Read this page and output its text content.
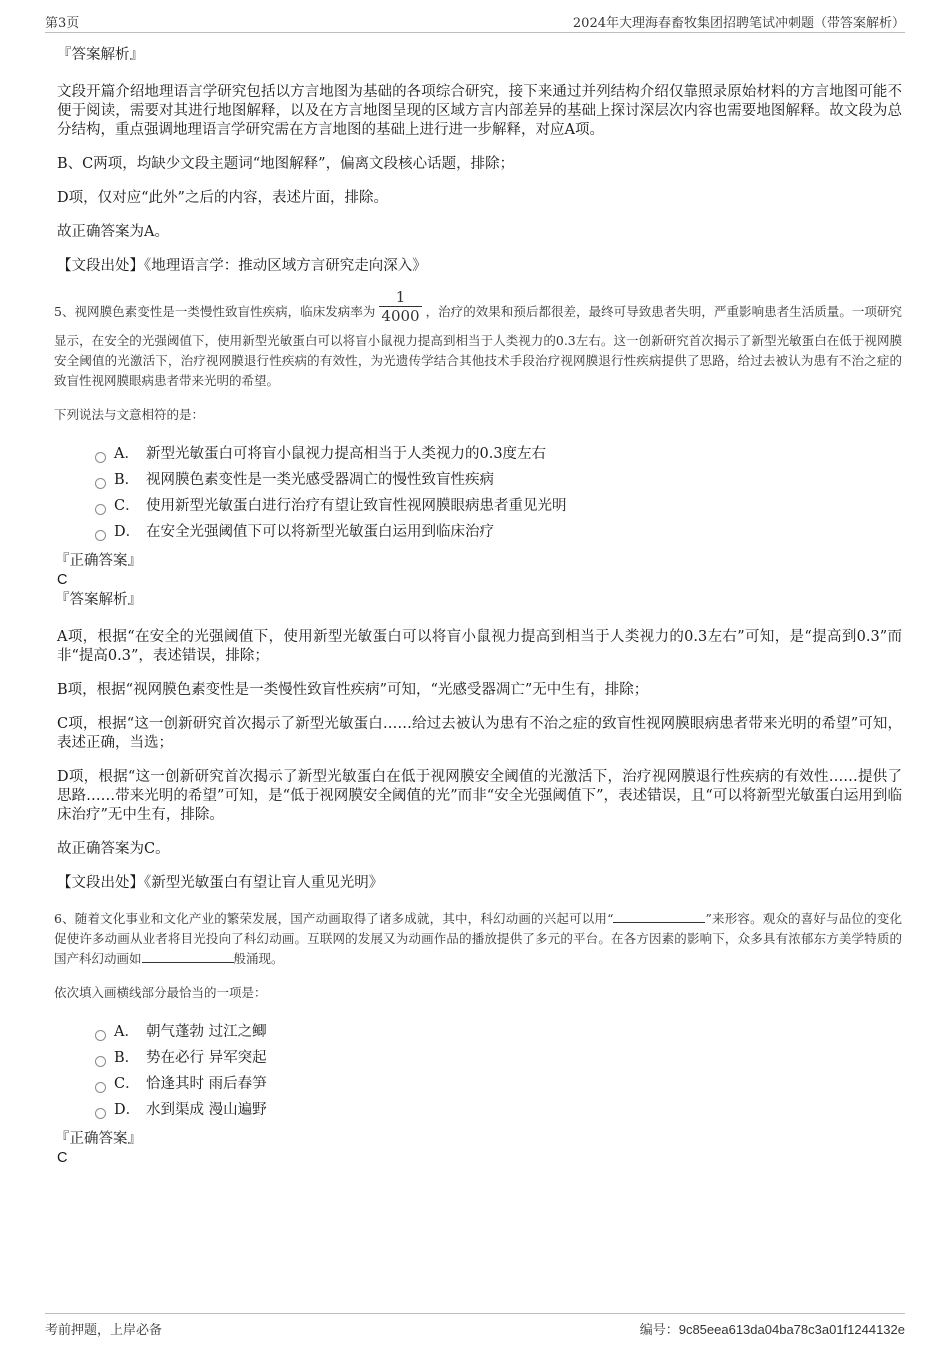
第3页	2024年大理海春畜牧集团招聘笔试冲刺题（带答案解析）
『答案解析』

文段开篇介绍地理语言学研究包括以方言地图为基础的各项综合研究，接下来通过并列结构介绍仅靠照录原始材料的方言地图可能不便于阅读，需要对其进行地图解释，以及在方言地图呈现的区域方言内部差异的基础上探讨深层次内容也需要地图解释。故文段为总分结构，重点强调地理语言学研究需在方言地图的基础上进行进一步解释，对应A项。

B、C两项，均缺少文段主题词“地图解释”，偏离文段核心话题，排除；

D项，仅对应“此外”之后的内容，表述片面，排除。

故正确答案为A。

【文段出处】《地理语言学：推动区域方言研究走向深入》

5、视网膜色素变性是一类慢性致盲性疾病，临床发病率为 $\frac{1}{4000}$ ，治疗的效果和预后都很差，最终可导致患者失明，严重影响患者生活质量。一项研究显示，在安全的光强阈值下，使用新型光敏蛋白可以将盲小鼠视力提高到相当于人类视力的0.3左右。这一创新研究首次揭示了新型光敏蛋白在低于视网膜安全阈值的光激活下，治疗视网膜退行性疾病的有效性，为光遗传学结合其他技术手段治疗视网膜退行性疾病提供了思路，给过去被认为患有不治之症的致盲性视网膜眼病患者带来光明的希望。
下列说法与文意相符的是：
A． 新型光敏蛋白可将盲小鼠视力提高相当于人类视力的0.3度左右
B． 视网膜色素变性是一类光感受器凋亡的慢性致盲性疾病
C． 使用新型光敏蛋白进行治疗有望让致盲性视网膜眼病患者重见光明
D． 在安全光强阈值下可以将新型光敏蛋白运用到临床治疗
『正确答案』
C
『答案解析』

A项，根据“在安全的光强阈值下，使用新型光敏蛋白可以将盲小鼠视力提高到相当于人类视力的0.3左右”可知，是“提高到0.3”而非“提高0.3”，表述错误，排除；

B项，根据“视网膜色素变性是一类慢性致盲性疾病”可知，“光感受器凋亡”无中生有，排除；

C项，根据“这一创新研究首次揭示了新型光敏蛋白……给过去被认为患有不治之症的致盲性视网膜眼病患者带来光明的希望”可知，表述正确，当选；

D项，根据“这一创新研究首次揭示了新型光敏蛋白在低于视网膜安全阈值的光激活下，治疗视网膜退行性疾病的有效性……提供了思路……带来光明的希望”可知，是“低于视网膜安全阈值的光”而非“安全光强阈值下”，表述错误，且“可以将新型光敏蛋白运用到临床治疗”无中生有，排除。

故正确答案为C。

【文段出处】《新型光敏蛋白有望让盲人重见光明》

6、随着文化事业和文化产业的繁荣发展，国产动画取得了诸多成就，其中，科幻动画的兴起可以用“	”来形容。观众的喜好与品位的变化促使许多动画从业者将目光投向了科幻动画。互联网的发展又为动画作品的播放提供了多元的平台。在各方因素的影响下，众多具有浓郁东方美学特质的国产科幻动画如	般涌现。
依次填入画横线部分最恰当的一项是：
A． 朝气蓬勃 过江之鲫
B． 势在必行 异军突起
C． 恰逢其时 雨后春笋
D． 水到渠成 漫山遍野
『正确答案』
C
考前押题，上岸必备	编号：9c85eea613da04ba78c3a01f1244132e
